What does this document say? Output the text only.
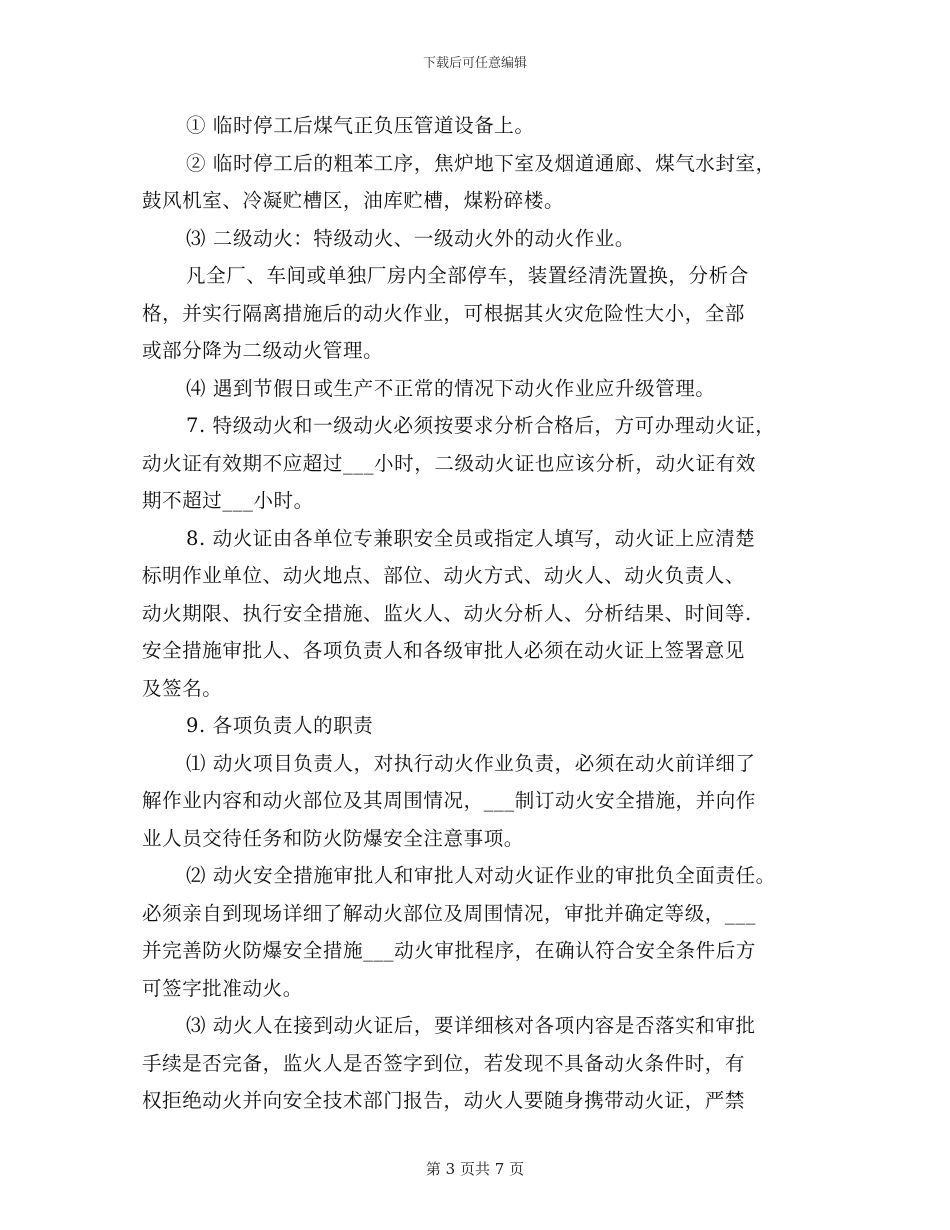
下载后可任意编辑
① 临时停工后煤气正负压管道设备上。
② 临时停工后的粗苯工序，焦炉地下室及烟道通廊、煤气水封室，
鼓风机室、冷凝贮槽区，油库贮槽，煤粉碎楼。
⑶ 二级动火：特级动火、一级动火外的动火作业。
凡全厂、车间或单独厂房内全部停车，装置经清洗置换，分析合
格，并实行隔离措施后的动火作业，可根据其火灾危险性大小，全部
或部分降为二级动火管理。
⑷ 遇到节假日或生产不正常的情况下动火作业应升级管理。
7. 特级动火和一级动火必须按要求分析合格后，方可办理动火证，
动火证有效期不应超过___小时，二级动火证也应该分析，动火证有效
期不超过___小时。
8. 动火证由各单位专兼职安全员或指定人填写，动火证上应清楚
标明作业单位、动火地点、部位、动火方式、动火人、动火负责人、
动火期限、执行安全措施、监火人、动火分析人、分析结果、时间等.
安全措施审批人、各项负责人和各级审批人必须在动火证上签署意见
及签名。
9. 各项负责人的职责
⑴ 动火项目负责人，对执行动火作业负责，必须在动火前详细了
解作业内容和动火部位及其周围情况，___制订动火安全措施，并向作
业人员交待任务和防火防爆安全注意事项。
⑵ 动火安全措施审批人和审批人对动火证作业的审批负全面责任。
必须亲自到现场详细了解动火部位及周围情况，审批并确定等级，___
并完善防火防爆安全措施___动火审批程序，在确认符合安全条件后方
可签字批准动火。
⑶ 动火人在接到动火证后，要详细核对各项内容是否落实和审批
手续是否完备，监火人是否签字到位，若发现不具备动火条件时，有
权拒绝动火并向安全技术部门报告，动火人要随身携带动火证，严禁
第 3 页共 7 页
